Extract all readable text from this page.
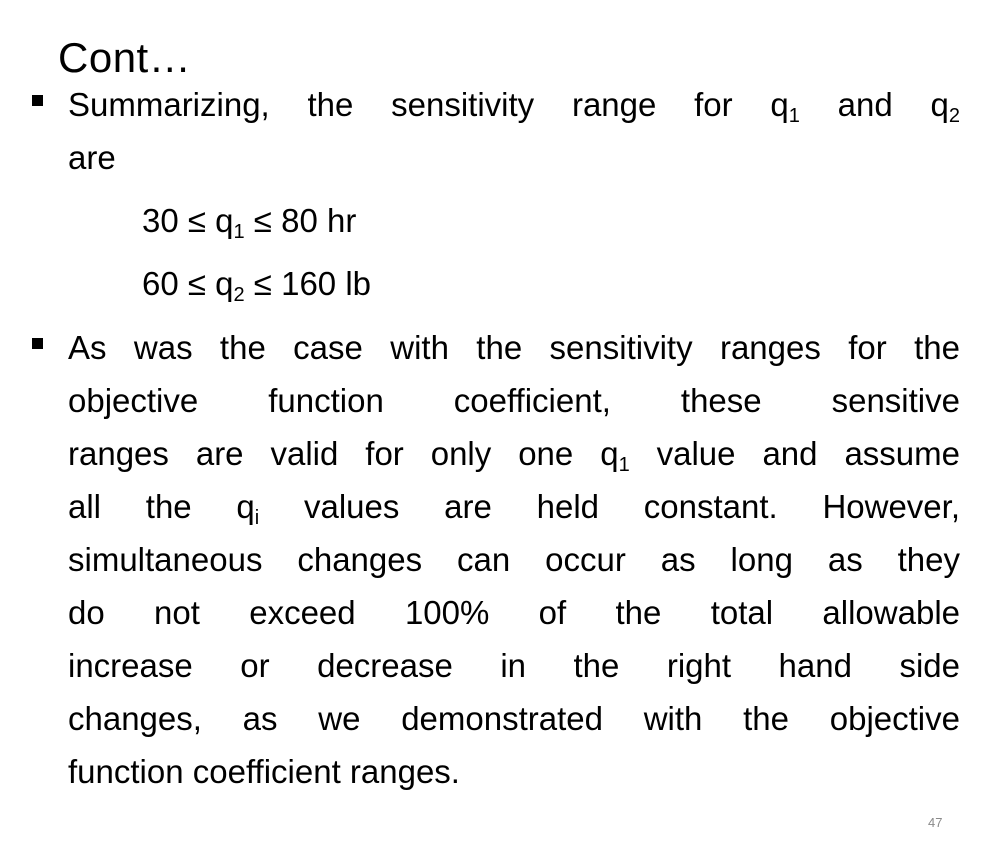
Cont…
Summarizing, the sensitivity range for $q_1$ and $q_2$
are
$30 \le q_1 \le 80$ hr
$60 \le q_2 \le 160$ lb
As was the case with the sensitivity ranges for the
objective function coefficient, these sensitive
ranges are valid for only one $q_1$ value and assume
all the $q_i$ values are held constant. However,
simultaneous changes can occur as long as they
do not exceed 100% of the total allowable
increase or decrease in the right hand side
changes, as we demonstrated with the objective
function coefficient ranges.
47
